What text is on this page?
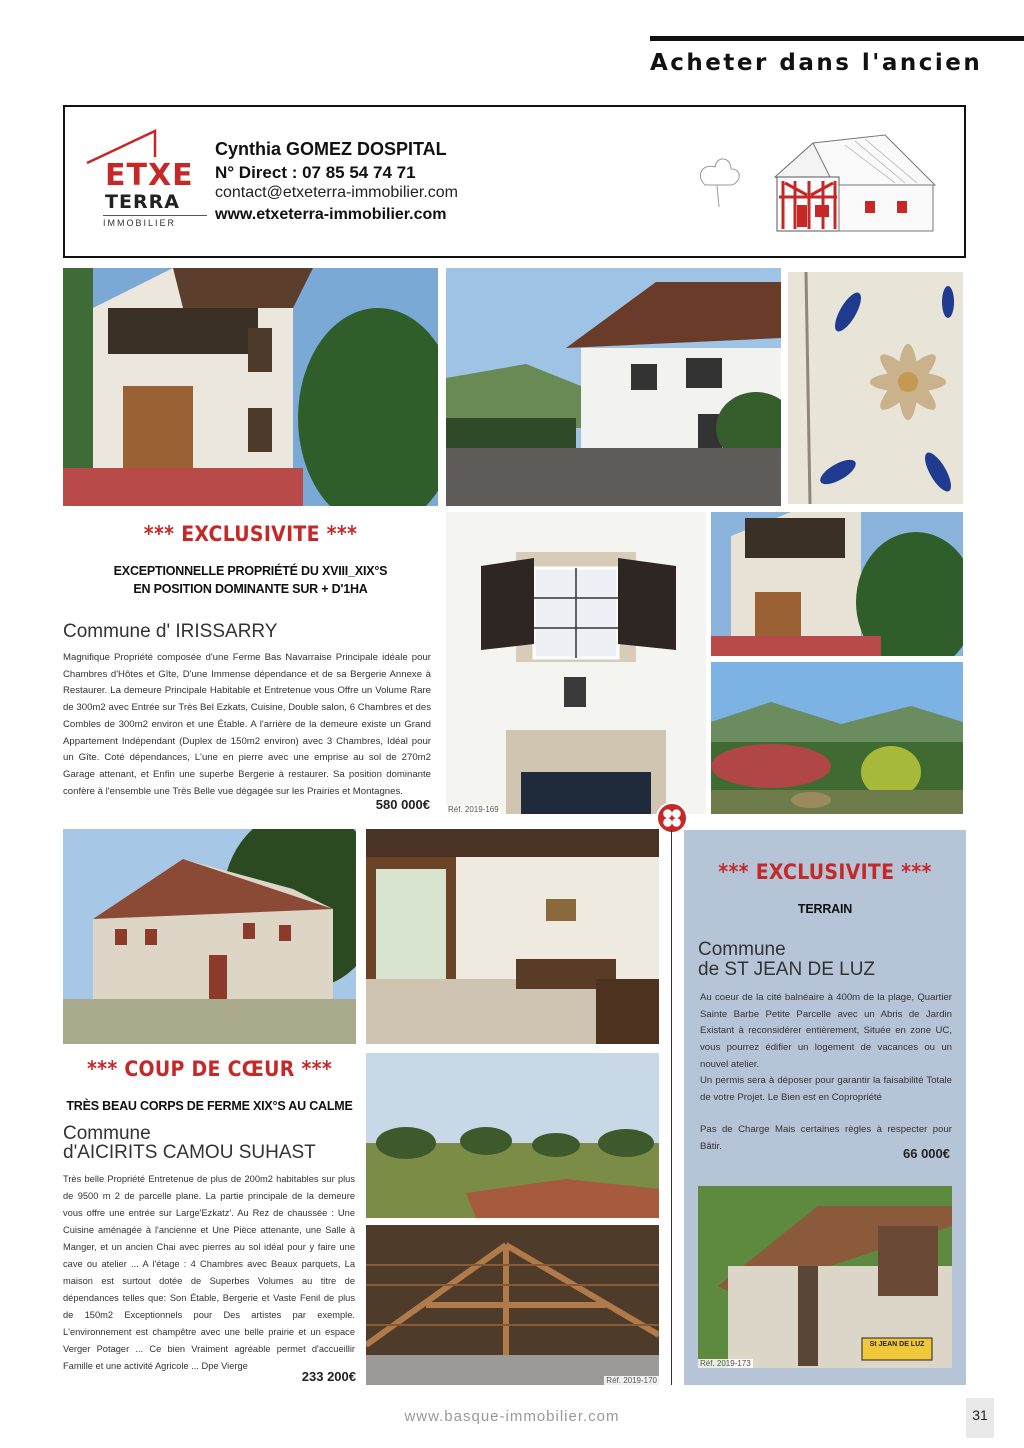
Acheter dans l'ancien
ETXE
TERRA
IMMOBILIER
Cynthia GOMEZ DOSPITAL
N° Direct : 07 85 54 74 71
contact@etxeterra-immobilier.com
www.etxeterra-immobilier.com
Réf. 2019-169
*** EXCLUSIVITE ***
EXCEPTIONNELLE PROPRIÉTÉ DU XVIII_XIX°S
EN POSITION DOMINANTE SUR + D'1HA
Commune d' IRISSARRY
Magnifique Propriété composée d'une Ferme Bas Navarraise Principale idéale pour Chambres d'Hôtes et Gîte, D'une Immense dépendance et de sa Bergerie Annexe à Restaurer. La demeure Principale Habitable et Entretenue vous Offre un Volume Rare de 300m2 avec Entrée sur Très Bel Ezkats, Cuisine, Double salon, 6 Chambres et des Combles de 300m2 environ et une Étable. A l'arrière de la demeure existe un Grand Appartement Indépendant (Duplex de 150m2 environ) avec 3 Chambres, Idéal pour un Gîte. Coté dépendances, L'une en pierre avec une emprise au sol de 270m2 Garage attenant, et Enfin une superbe Bergerie à restaurer. Sa position dominante confère à l'ensemble une Très Belle vue dégagée sur les Prairies et Montagnes.
580 000€
Réf. 2019-170
*** COUP DE CŒUR ***
TRÈS BEAU CORPS DE FERME XIX°S AU CALME
Commune
d'AICIRITS CAMOU SUHAST
Très belle Propriété Entretenue de plus de 200m2 habitables sur plus de 9500 m 2 de parcelle plane. La partie principale de la demeure vous offre une entrée sur Large'Ezkatz'. Au Rez de chaussée : Une Cuisine aménagée à l'ancienne et Une Pièce attenante, une Salle à Manger, et un ancien Chai avec pierres au sol idéal pour y faire une cave ou atelier ... A l'étage : 4 Chambres avec Beaux parquets, La maison est surtout dotée de Superbes Volumes au titre de dépendances telles que: Son Étable, Bergerie et Vaste Fenil de plus de 150m2 Exceptionnels pour Des artistes par exemple. L'environnement est champêtre avec une belle prairie et un espace Verger Potager ... Ce bien Vraiment agréable permet d'accueillir Famille et une activité Agricole ... Dpe Vierge
233 200€
*** EXCLUSIVITE ***
TERRAIN
Commune
de ST JEAN DE LUZ
Au coeur de la cité balnéaire à 400m de la plage, Quartier Sainte Barbe Petite Parcelle avec un Abris de Jardin Existant à reconsidérer entièrement, Située en zone UC, vous pourrez édifier un logement de vacances ou un nouvel atelier.
Un permis sera à déposer pour garantir la faisabilité Totale de votre Projet. Le Bien est en Copropriété
Pas de Charge Mais certaines règles à respecter pour Bâtir.	66 000€
Réf. 2019-173
St JEAN DE LUZ
www.basque-immobilier.com	31
